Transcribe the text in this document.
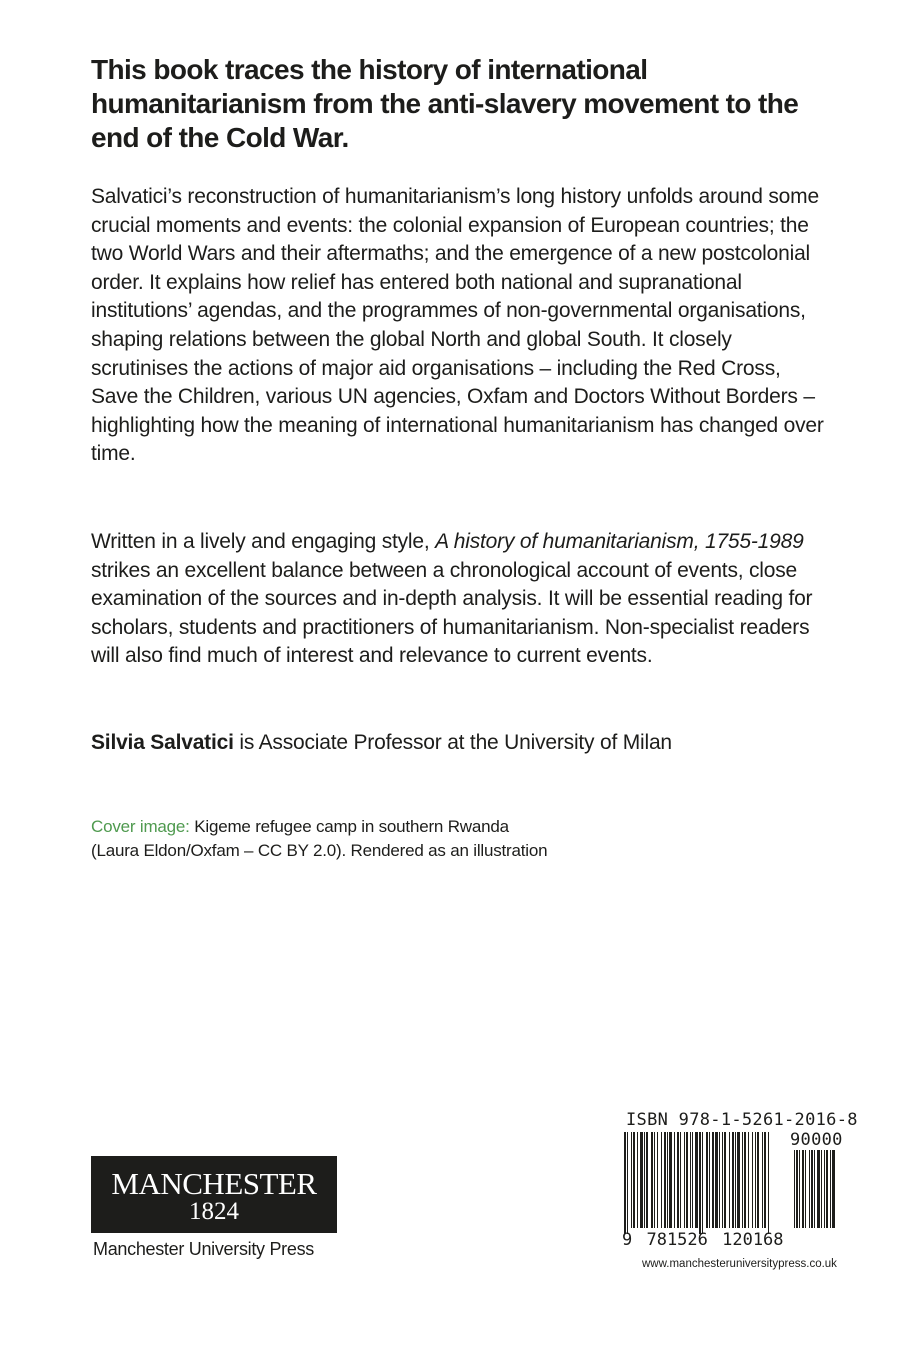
This book traces the history of international humanitarianism from the anti-slavery movement to the end of the Cold War.

Salvatici’s reconstruction of humanitarianism’s long history unfolds around some crucial moments and events: the colonial expansion of European countries; the two World Wars and their aftermaths; and the emergence of a new postcolonial order. It explains how relief has entered both national and supranational institutions’ agendas, and the programmes of non-governmental organisations, shaping relations between the global North and global South. It closely scrutinises the actions of major aid organisations – including the Red Cross, Save the Children, various UN agencies, Oxfam and Doctors Without Borders – highlighting how the meaning of international humanitarianism has changed over time.

Written in a lively and engaging style, A history of humanitarianism, 1755-1989 strikes an excellent balance between a chronological account of events, close examination of the sources and in-depth analysis. It will be essential reading for scholars, students and practitioners of humanitarianism. Non-specialist readers will also find much of interest and relevance to current events.

Silvia Salvatici is Associate Professor at the University of Milan

Cover image: Kigeme refugee camp in southern Rwanda
(Laura Eldon/Oxfam – CC BY 2.0). Rendered as an illustration

MANCHESTER
1824

Manchester University Press

ISBN 978-1-5261-2016-8

90000

9 781526 120168

www.manchesteruniversitypress.co.uk
